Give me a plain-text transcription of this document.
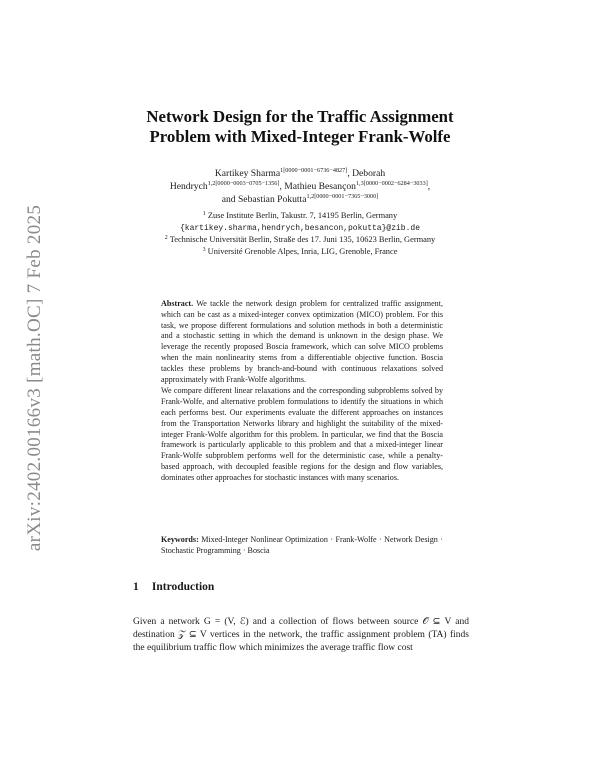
arXiv:2402.00166v3 [math.OC] 7 Feb 2025
Network Design for the Traffic Assignment
Problem with Mixed-Integer Frank-Wolfe
Kartikey Sharma$^{1[0000-0001-6736-4827]}$, Deborah
Hendrych$^{1,2[0000-0003-0705-1356]}$, Mathieu Besançon$^{1,3[0000-0002-6284-3033]}$,
and Sebastian Pokutta$^{1,2[0000-0001-7365-3000]}$
$^1$ Zuse Institute Berlin, Takustr. 7, 14195 Berlin, Germany
{kartikey.sharma,hendrych,besancon,pokutta}@zib.de
$^2$ Technische Universität Berlin, Straße des 17. Juni 135, 10623 Berlin, Germany
$^3$ Université Grenoble Alpes, Inria, LIG, Grenoble, France

Abstract. We tackle the network design problem for centralized traffic assignment, which can be cast as a mixed-integer convex optimization (MICO) problem. For this task, we propose different formulations and solution methods in both a deterministic and a stochastic setting in which the demand is unknown in the design phase. We leverage the recently proposed Boscia framework, which can solve MICO problems when the main nonlinearity stems from a differentiable objective function. Boscia tackles these problems by branch-and-bound with continuous relaxations solved approximately with Frank-Wolfe algorithms.

We compare different linear relaxations and the corresponding subproblems solved by Frank-Wolfe, and alternative problem formulations to identify the situations in which each performs best. Our experiments evaluate the different approaches on instances from the Transportation Networks library and highlight the suitability of the mixed-integer Frank-Wolfe algorithm for this problem. In particular, we find that the Boscia framework is particularly applicable to this problem and that a mixed-integer linear Frank-Wolfe subproblem performs well for the deterministic case, while a penalty-based approach, with decoupled feasible regions for the design and flow variables, dominates other approaches for stochastic instances with many scenarios.

Keywords: Mixed-Integer Nonlinear Optimization · Frank-Wolfe · Network Design · Stochastic Programming · Boscia
1 Introduction

Given a network G = (V, ℰ) and a collection of flows between source 𝒪 ⊆ V and destination 𝒵 ⊆ V vertices in the network, the traffic assignment problem (TA) finds the equilibrium traffic flow which minimizes the average traffic flow cost
